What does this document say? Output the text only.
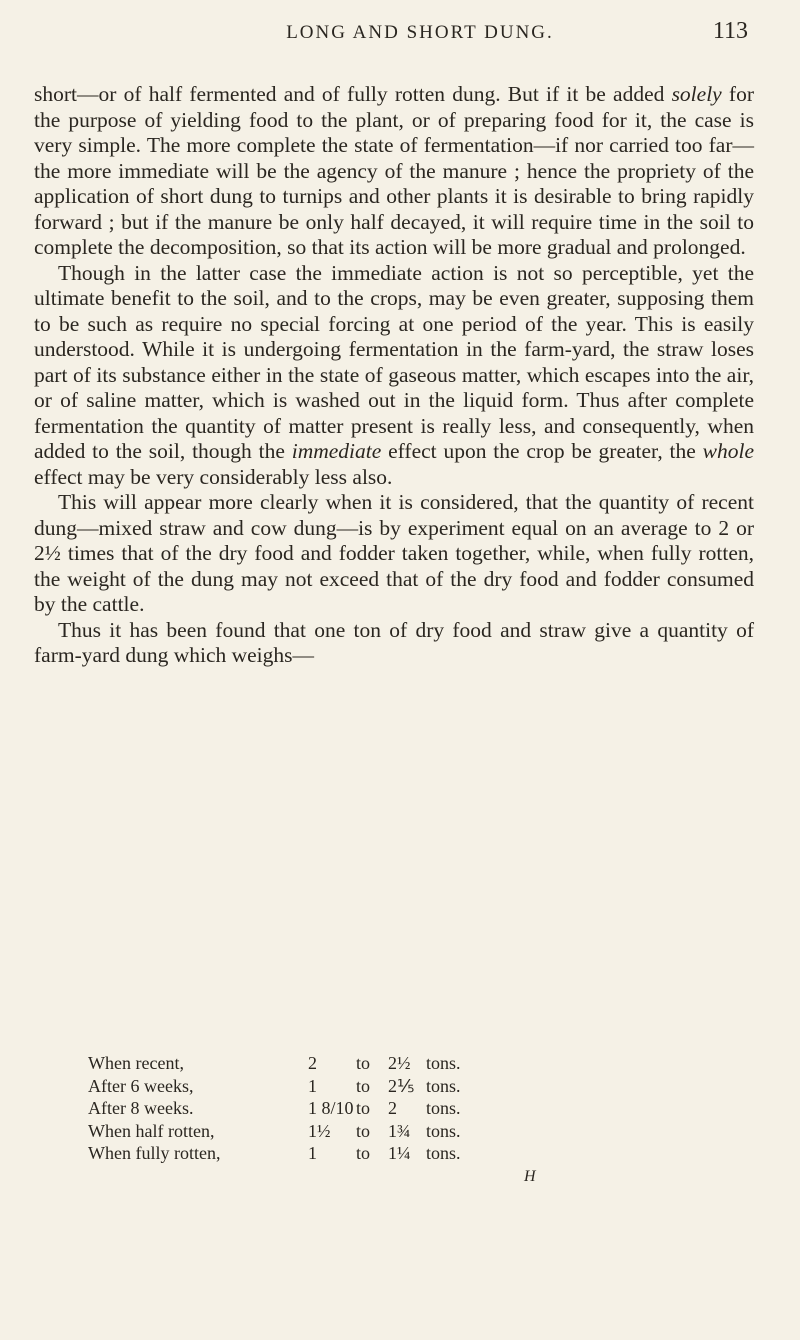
LONG AND SHORT DUNG.	113

short—or of half fermented and of fully rotten dung. But if it be added solely for the purpose of yielding food to the plant, or of preparing food for it, the case is very simple. The more complete the state of fermentation—if nor carried too far—the more immediate will be the agency of the manure ; hence the propriety of the application of short dung to turnips and other plants it is desirable to bring rapidly forward ; but if the manure be only half decayed, it will require time in the soil to complete the decomposition, so that its action will be more gradual and prolonged.

Though in the latter case the immediate action is not so perceptible, yet the ultimate benefit to the soil, and to the crops, may be even greater, supposing them to be such as require no special forcing at one period of the year. This is easily understood. While it is undergoing fermentation in the farm-yard, the straw loses part of its substance either in the state of gaseous matter, which escapes into the air, or of saline matter, which is washed out in the liquid form. Thus after complete fermentation the quantity of matter present is really less, and consequently, when added to the soil, though the immediate effect upon the crop be greater, the whole effect may be very considerably less also.

This will appear more clearly when it is considered, that the quantity of recent dung—mixed straw and cow dung—is by experiment equal on an average to 2 or 2½ times that of the dry food and fodder taken together, while, when fully rotten, the weight of the dung may not exceed that of the dry food and fodder consumed by the cattle.

Thus it has been found that one ton of dry food and straw give a quantity of farm-yard dung which weighs—

When recent,	2	to 2½ tons.
After 6 weeks,	1	to 2⅕ tons.
After 8 weeks.	1 8/10 to 2	tons.
When half rotten,	1½	to 1¾ tons.
When fully rotten,	1	to 1¼ tons.
H
